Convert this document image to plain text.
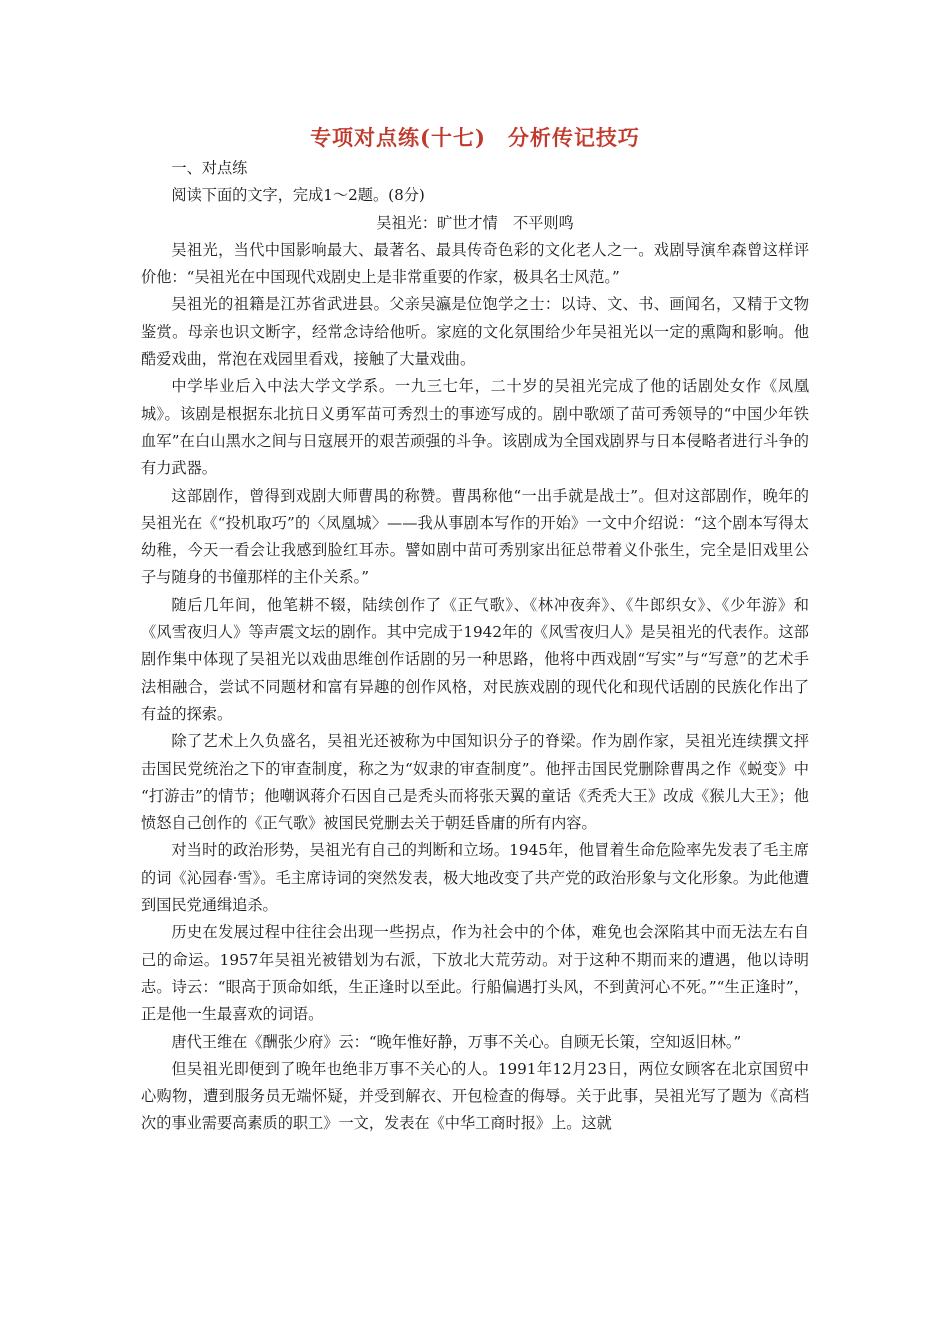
专项对点练(十七)　分析传记技巧

一、对点练

阅读下面的文字，完成1～2题。(8分)

吴祖光：旷世才情　不平则鸣

吴祖光，当代中国影响最大、最著名、最具传奇色彩的文化老人之一。戏剧导演牟森曾这样评价他：“吴祖光在中国现代戏剧史上是非常重要的作家，极具名士风范。”

吴祖光的祖籍是江苏省武进县。父亲吴瀛是位饱学之士：以诗、文、书、画闻名，又精于文物鉴赏。母亲也识文断字，经常念诗给他听。家庭的文化氛围给少年吴祖光以一定的熏陶和影响。他酷爱戏曲，常泡在戏园里看戏，接触了大量戏曲。

中学毕业后入中法大学文学系。一九三七年，二十岁的吴祖光完成了他的话剧处女作《凤凰城》。该剧是根据东北抗日义勇军苗可秀烈士的事迹写成的。剧中歌颂了苗可秀领导的“中国少年铁血军”在白山黑水之间与日寇展开的艰苦顽强的斗争。该剧成为全国戏剧界与日本侵略者进行斗争的有力武器。

这部剧作，曾得到戏剧大师曹禺的称赞。曹禺称他“一出手就是战士”。但对这部剧作，晚年的吴祖光在《“投机取巧”的〈凤凰城〉——我从事剧本写作的开始》一文中介绍说：“这个剧本写得太幼稚，今天一看会让我感到脸红耳赤。譬如剧中苗可秀别家出征总带着义仆张生，完全是旧戏里公子与随身的书僮那样的主仆关系。”

随后几年间，他笔耕不辍，陆续创作了《正气歌》、《林冲夜奔》、《牛郎织女》、《少年游》和《风雪夜归人》等声震文坛的剧作。其中完成于1942年的《风雪夜归人》是吴祖光的代表作。这部剧作集中体现了吴祖光以戏曲思维创作话剧的另一种思路，他将中西戏剧“写实”与“写意”的艺术手法相融合，尝试不同题材和富有异趣的创作风格，对民族戏剧的现代化和现代话剧的民族化作出了有益的探索。

除了艺术上久负盛名，吴祖光还被称为中国知识分子的脊梁。作为剧作家，吴祖光连续撰文抨击国民党统治之下的审查制度，称之为“奴隶的审查制度”。他抨击国民党删除曹禺之作《蜕变》中 “打游击”的情节；他嘲讽蒋介石因自己是秃头而将张天翼的童话《秃秃大王》改成《猴儿大王》；他愤怒自己创作的《正气歌》被国民党删去关于朝廷昏庸的所有内容。

对当时的政治形势，吴祖光有自己的判断和立场。1945年，他冒着生命危险率先发表了毛主席的词《沁园春·雪》。毛主席诗词的突然发表，极大地改变了共产党的政治形象与文化形象。为此他遭到国民党通缉追杀。

历史在发展过程中往往会出现一些拐点，作为社会中的个体，难免也会深陷其中而无法左右自己的命运。1957年吴祖光被错划为右派，下放北大荒劳动。对于这种不期而来的遭遇，他以诗明志。诗云：“眼高于顶命如纸，生正逢时以至此。行船偏遇打头风，不到黄河心不死。”“生正逢时”，正是他一生最喜欢的词语。

唐代王维在《酬张少府》云：“晚年惟好静，万事不关心。自顾无长策，空知返旧林。”

但吴祖光即便到了晚年也绝非万事不关心的人。1991年12月23日，两位女顾客在北京国贸中心购物，遭到服务员无端怀疑，并受到解衣、开包检查的侮辱。关于此事，吴祖光写了题为《高档次的事业需要高素质的职工》一文，发表在《中华工商时报》上。这就
